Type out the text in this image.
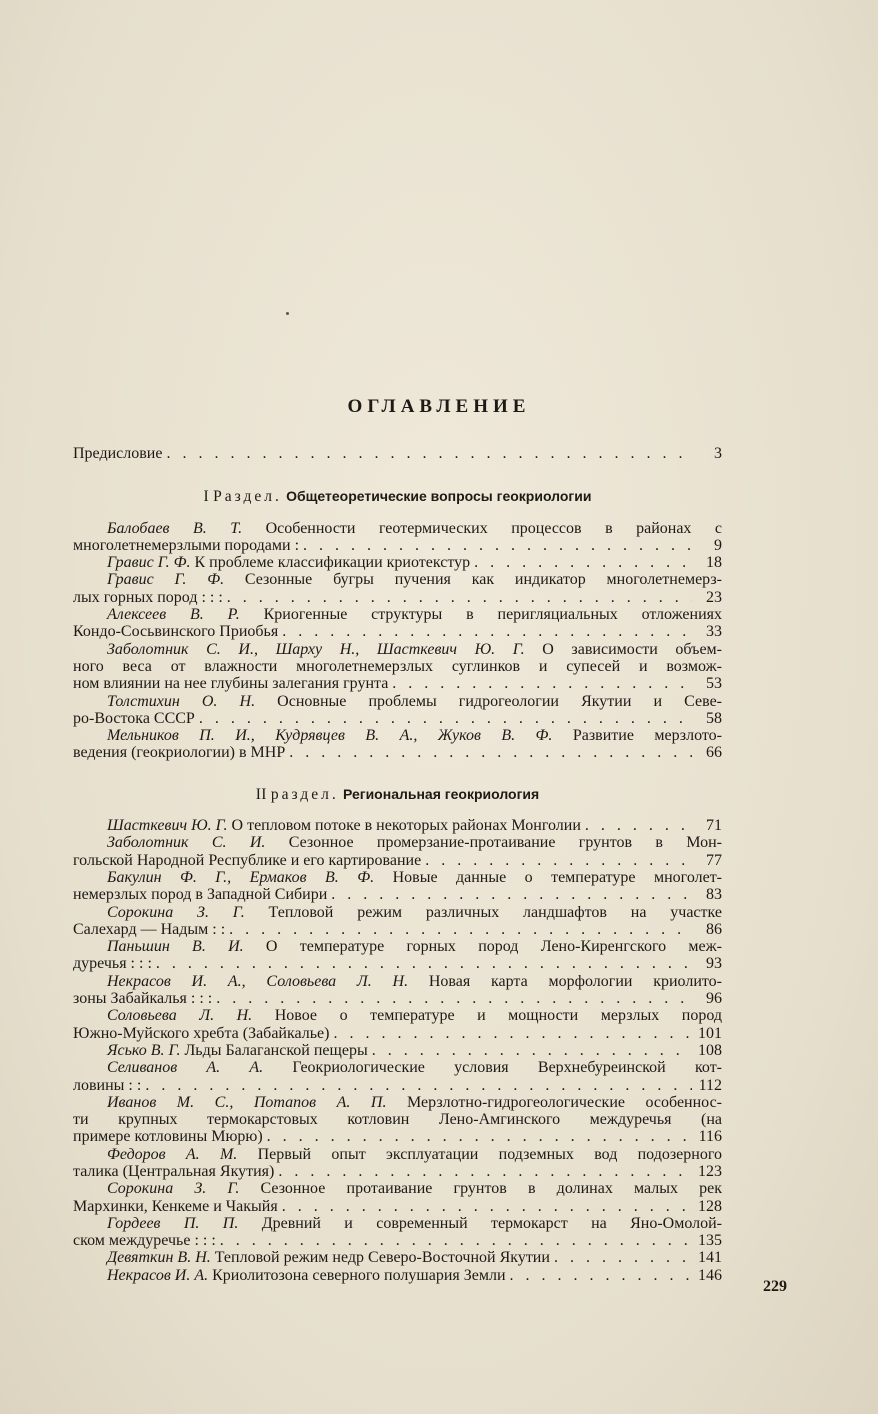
ОГЛАВЛЕНИЕ
Предисловие . . .	3
I Раздел. Общетеоретические вопросы геокриологии
Балобаев В. Т. Особенности геотермических процессов в районах с
многолетнемерзлыми породами : . . .	9
Гравис Г. Ф. К проблеме классификации криотекстур . . .	18
Гравис Г. Ф. Сезонные бугры пучения как индикатор многолетнемерз-
лых горных пород : : : . . .	23
Алексеев В. Р. Криогенные структуры в перигляциальных отложениях
Кондо-Сосьвинского Приобья . . .	33
Заболотник С. И., Шарху Н., Шасткевич Ю. Г. О зависимости объем-
ного веса от влажности многолетнемерзлых суглинков и супесей и возмож-
ном влиянии на нее глубины залегания грунта . . .	53
Толстихин О. Н. Основные проблемы гидрогеологии Якутии и Севе-
ро-Востока СССР . . .	58
Мельников П. И., Кудрявцев В. А., Жуков В. Ф. Развитие мерзлото-
ведения (геокриологии) в МНР . . .	66
II раздел. Региональная геокриология
Шасткевич Ю. Г. О тепловом потоке в некоторых районах Монголии . . .	71
Заболотник С. И. Сезонное промерзание-протаивание грунтов в Мон-
гольской Народной Республике и его картирование . . .	77
Бакулин Ф. Г., Ермаков В. Ф. Новые данные о температуре многолет-
немерзлых пород в Западной Сибири . . .	83
Сорокина З. Г. Тепловой режим различных ландшафтов на участке
Салехард — Надым : : . . .	86
Паньшин В. И. О температуре горных пород Лено-Киренгского меж-
дуречья : : : . . .	93
Некрасов И. А., Соловьева Л. Н. Новая карта морфологии криолито-
зоны Забайкалья : : : . . .	96
Соловьева Л. Н. Новое о температуре и мощности мерзлых пород
Южно-Муйского хребта (Забайкалье) . . .	101
Ясько В. Г. Льды Балаганской пещеры . . .	108
Селиванов А. А. Геокриологические условия Верхнебуреинской кот-
ловины : : . . .	112
Иванов М. С., Потапов А. П. Мерзлотно-гидрогеологические особеннос-
ти крупных термокарстовых котловин Лено-Амгинского междуречья (на
примере котловины Мюрю) . . .	116
Федоров А. М. Первый опыт эксплуатации подземных вод подозерного
талика (Центральная Якутия) . . .	123
Сорокина З. Г. Сезонное протаивание грунтов в долинах малых рек
Мархинки, Кенкеме и Чакыйя . . .	128
Гордеев П. П. Древний и современный термокарст на Яно-Омолой-
ском междуречье : : : . . .	135
Девяткин В. Н. Тепловой режим недр Северо-Восточной Якутии . . .	141
Некрасов И. А. Криолитозона северного полушария Земли . . .	146
229
